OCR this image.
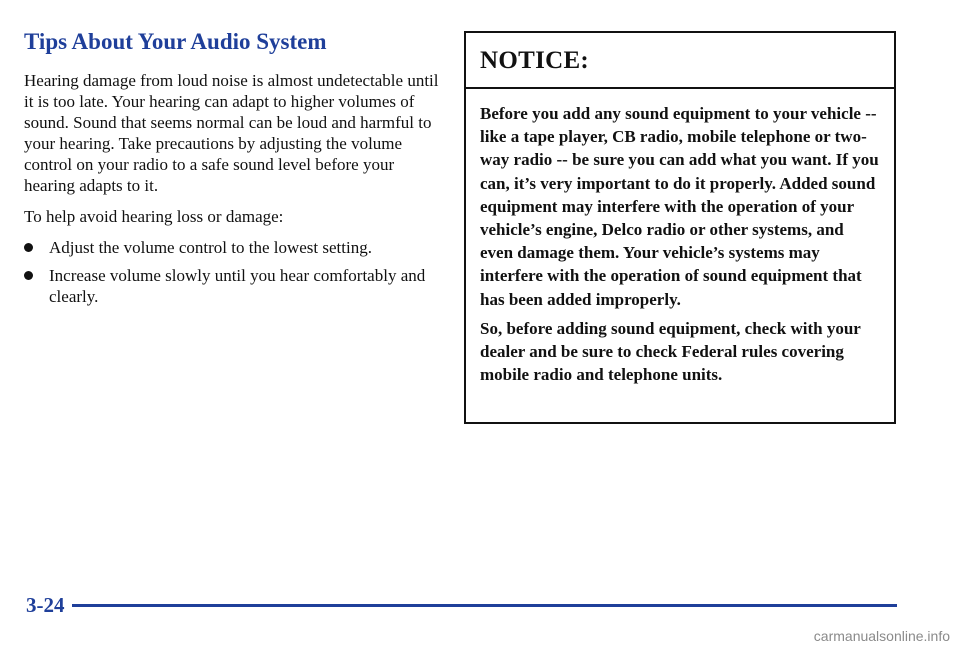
Tips About Your Audio System

Hearing damage from loud noise is almost undetectable until it is too late. Your hearing can adapt to higher volumes of sound. Sound that seems normal can be loud and harmful to your hearing. Take precautions by adjusting the volume control on your radio to a safe sound level before your hearing adapts to it.

To help avoid hearing loss or damage:

Adjust the volume control to the lowest setting.
Increase volume slowly until you hear comfortably and clearly.
NOTICE:

Before you add any sound equipment to your vehicle -- like a tape player, CB radio, mobile telephone or two-way radio -- be sure you can add what you want. If you can, it’s very important to do it properly. Added sound equipment may interfere with the operation of your vehicle’s engine, Delco radio or other systems, and even damage them. Your vehicle’s systems may interfere with the operation of sound equipment that has been added improperly.

So, before adding sound equipment, check with your dealer and be sure to check Federal rules covering mobile radio and telephone units.

3-24

carmanualsonline.info
